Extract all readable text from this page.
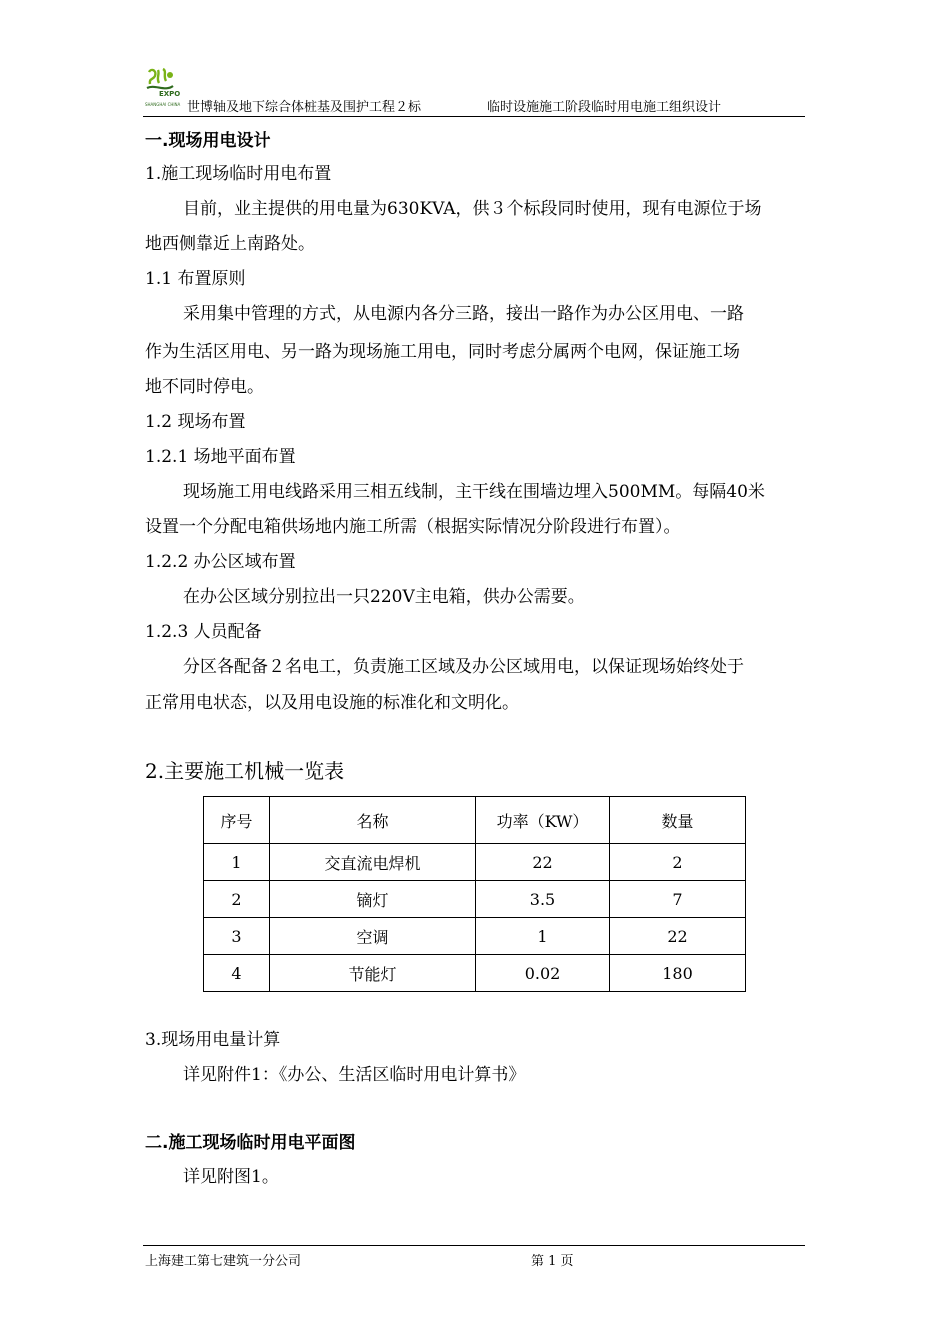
EXPO
SHANGHAI CHINA 世博轴及地下综合体桩基及围护工程２标	临时设施施工阶段临时用电施工组织设计
一.现场用电设计
1.施工现场临时用电布置
目前，业主提供的用电量为630KVA，供３个标段同时使用，现有电源位于场
地西侧靠近上南路处。
1.1 布置原则
采用集中管理的方式，从电源内各分三路，接出一路作为办公区用电、一路
作为生活区用电、另一路为现场施工用电，同时考虑分属两个电网，保证施工场
地不同时停电。
1.2 现场布置
1.2.1 场地平面布置
现场施工用电线路采用三相五线制，主干线在围墙边埋入500MM。每隔40米
设置一个分配电箱供场地内施工所需（根据实际情况分阶段进行布置）。
1.2.2 办公区域布置
在办公区域分别拉出一只220V主电箱，供办公需要。
1.2.3 人员配备
分区各配备２名电工，负责施工区域及办公区域用电，以保证现场始终处于
正常用电状态，以及用电设施的标准化和文明化。
2.主要施工机械一览表
序号	名称	功率（KW）	数量
1	交直流电焊机	22	2
2	镝灯	3.5	7
3	空调	1	22
4	节能灯	0.02	180
3.现场用电量计算
详见附件1：《办公、生活区临时用电计算书》
二.施工现场临时用电平面图
详见附图1。
上海建工第七建筑一分公司	第 1 页
